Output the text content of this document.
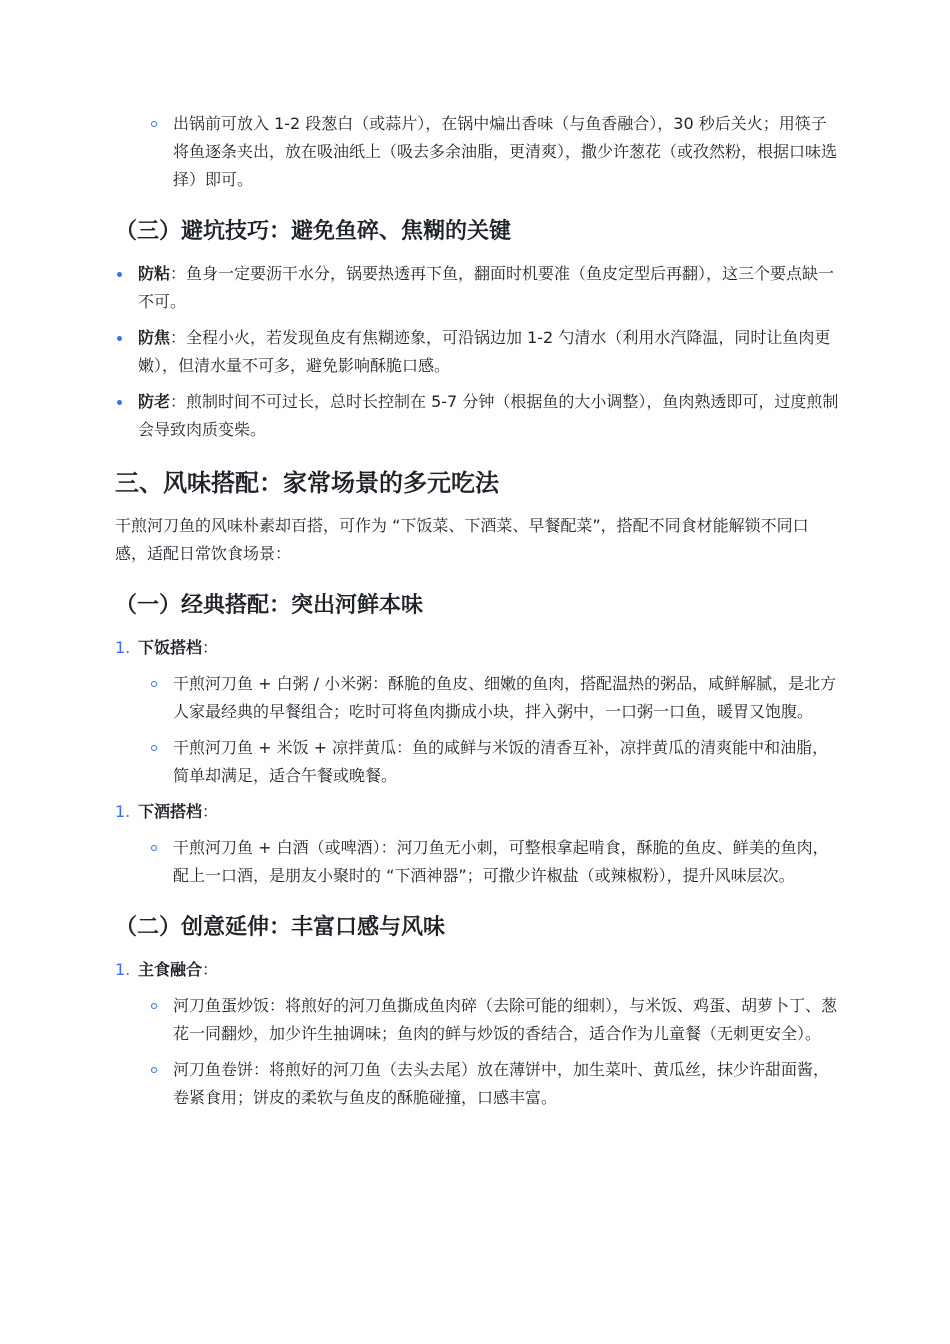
出锅前可放入 1-2 段葱白（或蒜片），在锅中煸出香味（与鱼香融合），30 秒后关火；用筷子将鱼逐条夹出，放在吸油纸上（吸去多余油脂，更清爽），撒少许葱花（或孜然粉，根据口味选择）即可。
（三）避坑技巧：避免鱼碎、焦糊的关键
防粘：鱼身一定要沥干水分，锅要热透再下鱼，翻面时机要准（鱼皮定型后再翻），这三个要点缺一不可。
防焦：全程小火，若发现鱼皮有焦糊迹象，可沿锅边加 1-2 勺清水（利用水汽降温，同时让鱼肉更嫩），但清水量不可多，避免影响酥脆口感。
防老：煎制时间不可过长，总时长控制在 5-7 分钟（根据鱼的大小调整），鱼肉熟透即可，过度煎制会导致肉质变柴。
三、风味搭配：家常场景的多元吃法

干煎河刀鱼的风味朴素却百搭，可作为 “下饭菜、下酒菜、早餐配菜”，搭配不同食材能解锁不同口感，适配日常饮食场景：

（一）经典搭配：突出河鲜本味
1. 下饭搭档：
干煎河刀鱼 + 白粥 / 小米粥：酥脆的鱼皮、细嫩的鱼肉，搭配温热的粥品，咸鲜解腻，是北方人家最经典的早餐组合；吃时可将鱼肉撕成小块，拌入粥中，一口粥一口鱼，暖胃又饱腹。
干煎河刀鱼 + 米饭 + 凉拌黄瓜：鱼的咸鲜与米饭的清香互补，凉拌黄瓜的清爽能中和油脂，简单却满足，适合午餐或晚餐。
1. 下酒搭档：
干煎河刀鱼 + 白酒（或啤酒）：河刀鱼无小刺，可整根拿起啃食，酥脆的鱼皮、鲜美的鱼肉，配上一口酒，是朋友小聚时的 “下酒神器”；可撒少许椒盐（或辣椒粉），提升风味层次。
（二）创意延伸：丰富口感与风味
1. 主食融合：
河刀鱼蛋炒饭：将煎好的河刀鱼撕成鱼肉碎（去除可能的细刺），与米饭、鸡蛋、胡萝卜丁、葱花一同翻炒，加少许生抽调味；鱼肉的鲜与炒饭的香结合，适合作为儿童餐（无刺更安全）。
河刀鱼卷饼：将煎好的河刀鱼（去头去尾）放在薄饼中，加生菜叶、黄瓜丝，抹少许甜面酱，卷紧食用；饼皮的柔软与鱼皮的酥脆碰撞，口感丰富。
